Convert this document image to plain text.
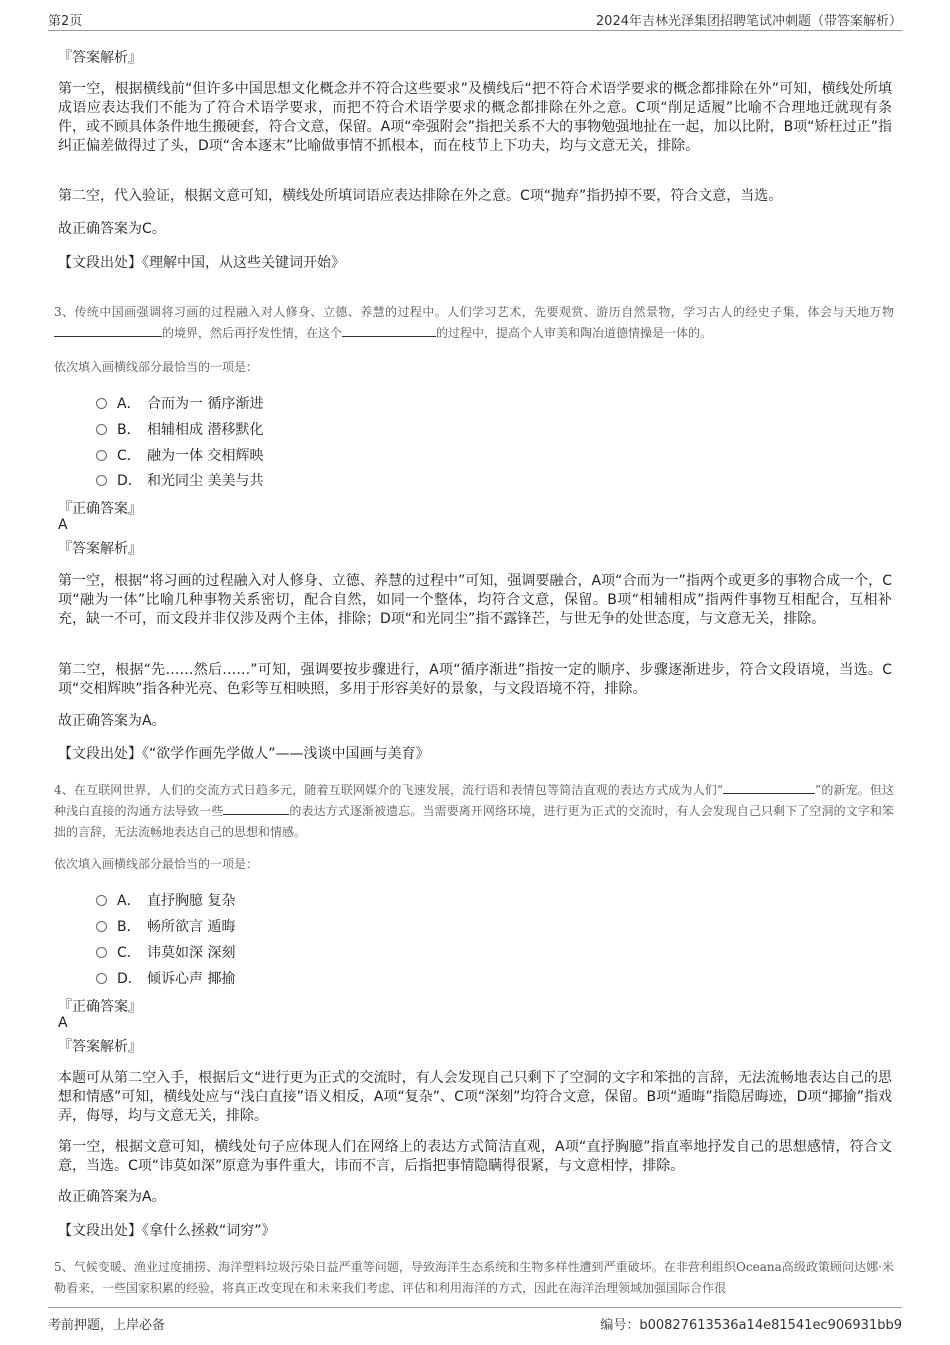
第2页	2024年吉林光泽集团招聘笔试冲刺题（带答案解析）
『答案解析』
第一空，根据横线前“但许多中国思想文化概念并不符合这些要求”及横线后“把不符合术语学要求的概念都排除在外”可知，横线处所填成语应表达我们不能为了符合术语学要求，而把不符合术语学要求的概念都排除在外之意。C项“削足适履”比喻不合理地迁就现有条件，或不顾具体条件地生搬硬套，符合文意，保留。A项“牵强附会”指把关系不大的事物勉强地扯在一起，加以比附，B项“矫枉过正”指纠正偏差做得过了头，D项“舍本逐末”比喻做事情不抓根本，而在枝节上下功夫，均与文意无关，排除。
第二空，代入验证，根据文意可知，横线处所填词语应表达排除在外之意。C项“抛弃”指扔掉不要，符合文意，当选。
故正确答案为C。
【文段出处】《理解中国，从这些关键词开始》
3、传统中国画强调将习画的过程融入对人修身、立德、养慧的过程中。人们学习艺术，先要观赏、游历自然景物，学习古人的经史子集，体会与天地万物的境界，然后再抒发性情，在这个	的过程中，提高个人审美和陶冶道德情操是一体的。
依次填入画横线部分最恰当的一项是：
A． 合而为一 循序渐进
B． 相辅相成 潜移默化
C． 融为一体 交相辉映
D． 和光同尘 美美与共
『正确答案』
A
『答案解析』
第一空，根据“将习画的过程融入对人修身、立德、养慧的过程中”可知，强调要融合，A项“合而为一”指两个或更多的事物合成一个，C项“融为一体”比喻几种事物关系密切，配合自然，如同一个整体，均符合文意，保留。B项“相辅相成”指两件事物互相配合，互相补充，缺一不可，而文段并非仅涉及两个主体，排除；D项“和光同尘”指不露锋芒，与世无争的处世态度，与文意无关，排除。
第二空，根据“先……然后……”可知，强调要按步骤进行，A项“循序渐进”指按一定的顺序、步骤逐渐进步，符合文段语境，当选。C项“交相辉映”指各种光亮、色彩等互相映照，多用于形容美好的景象，与文段语境不符，排除。
故正确答案为A。
【文段出处】《“欲学作画先学做人”——浅谈中国画与美育》
4、在互联网世界，人们的交流方式日趋多元，随着互联网媒介的飞速发展，流行语和表情包等简洁直观的表达方式成为人们“	”的新宠。但这种浅白直接的沟通方法导致一些	的表达方式逐渐被遗忘。当需要离开网络环境，进行更为正式的交流时，有人会发现自己只剩下了空洞的文字和笨拙的言辞，无法流畅地表达自己的思想和情感。
依次填入画横线部分最恰当的一项是：
A． 直抒胸臆 复杂
B． 畅所欲言 遁晦
C． 讳莫如深 深刻
D． 倾诉心声 揶揄
『正确答案』
A
『答案解析』
本题可从第二空入手，根据后文“进行更为正式的交流时，有人会发现自己只剩下了空洞的文字和笨拙的言辞，无法流畅地表达自己的思想和情感”可知，横线处应与“浅白直接”语义相反，A项“复杂”、C项“深刻”均符合文意，保留。B项“遁晦”指隐居晦迹，D项“揶揄”指戏弄，侮辱，均与文意无关，排除。
第一空，根据文意可知，横线处句子应体现人们在网络上的表达方式简洁直观，A项“直抒胸臆”指直率地抒发自己的思想感情，符合文意，当选。C项“讳莫如深”原意为事件重大，讳而不言，后指把事情隐瞒得很紧，与文意相悖，排除。
故正确答案为A。
【文段出处】《拿什么拯救“词穷”》
5、气候变暖、渔业过度捕捞、海洋塑料垃圾污染日益严重等问题，导致海洋生态系统和生物多样性遭到严重破坏。在非营利组织Oceana高级政策顾问达娜·米勒看来，一些国家积累的经验，将真正改变现在和未来我们考虑、评估和利用海洋的方式，因此在海洋治理领域加强国际合作很
考前押题，上岸必备	编号：b00827613536a14e81541ec906931bb9
